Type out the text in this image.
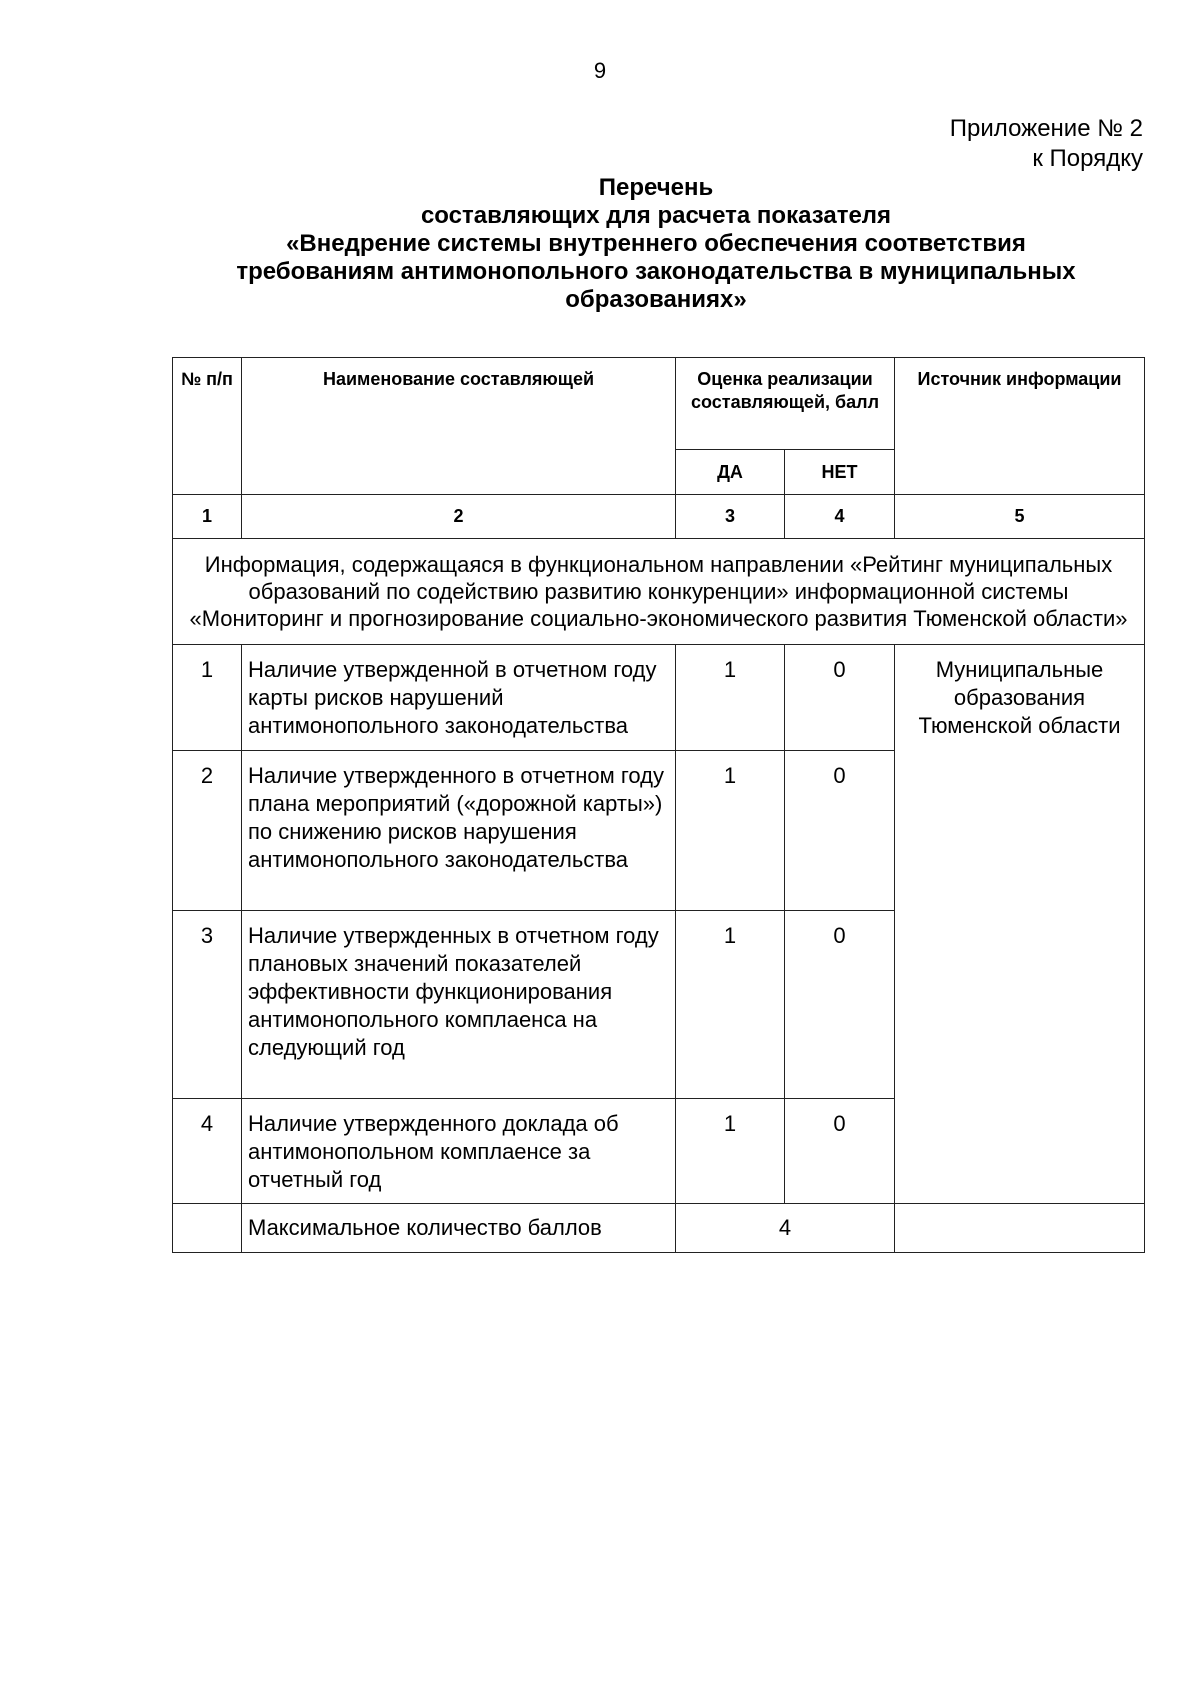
9
Приложение № 2
к Порядку
Перечень
составляющих для расчета показателя
«Внедрение системы внутреннего обеспечения соответствия
требованиям антимонопольного законодательства в муниципальных
образованиях»
№ п/п	Наименование составляющей	Оценка реализации составляющей, балл		Источник информации
		ДА	НЕТ	
1	2	3	4	5
Информация, содержащаяся в функциональном направлении «Рейтинг муниципальных образований по содействию развитию конкуренции» информационной системы «Мониторинг и прогнозирование социально-экономического развития Тюменской области»				
1	Наличие утвержденной в отчетном году карты рисков нарушений антимонопольного законодательства	1	0	Муниципальные образования Тюменской области
2	Наличие утвержденного в отчетном году плана мероприятий («дорожной карты») по снижению рисков нарушения антимонопольного законодательства	1	0	
3	Наличие утвержденных в отчетном году плановых значений показателей эффективности функционирования антимонопольного комплаенса на следующий год	1	0	
4	Наличие утвержденного доклада об антимонопольном комплаенсе за отчетный год	1	0	
	Максимальное количество баллов	4		
